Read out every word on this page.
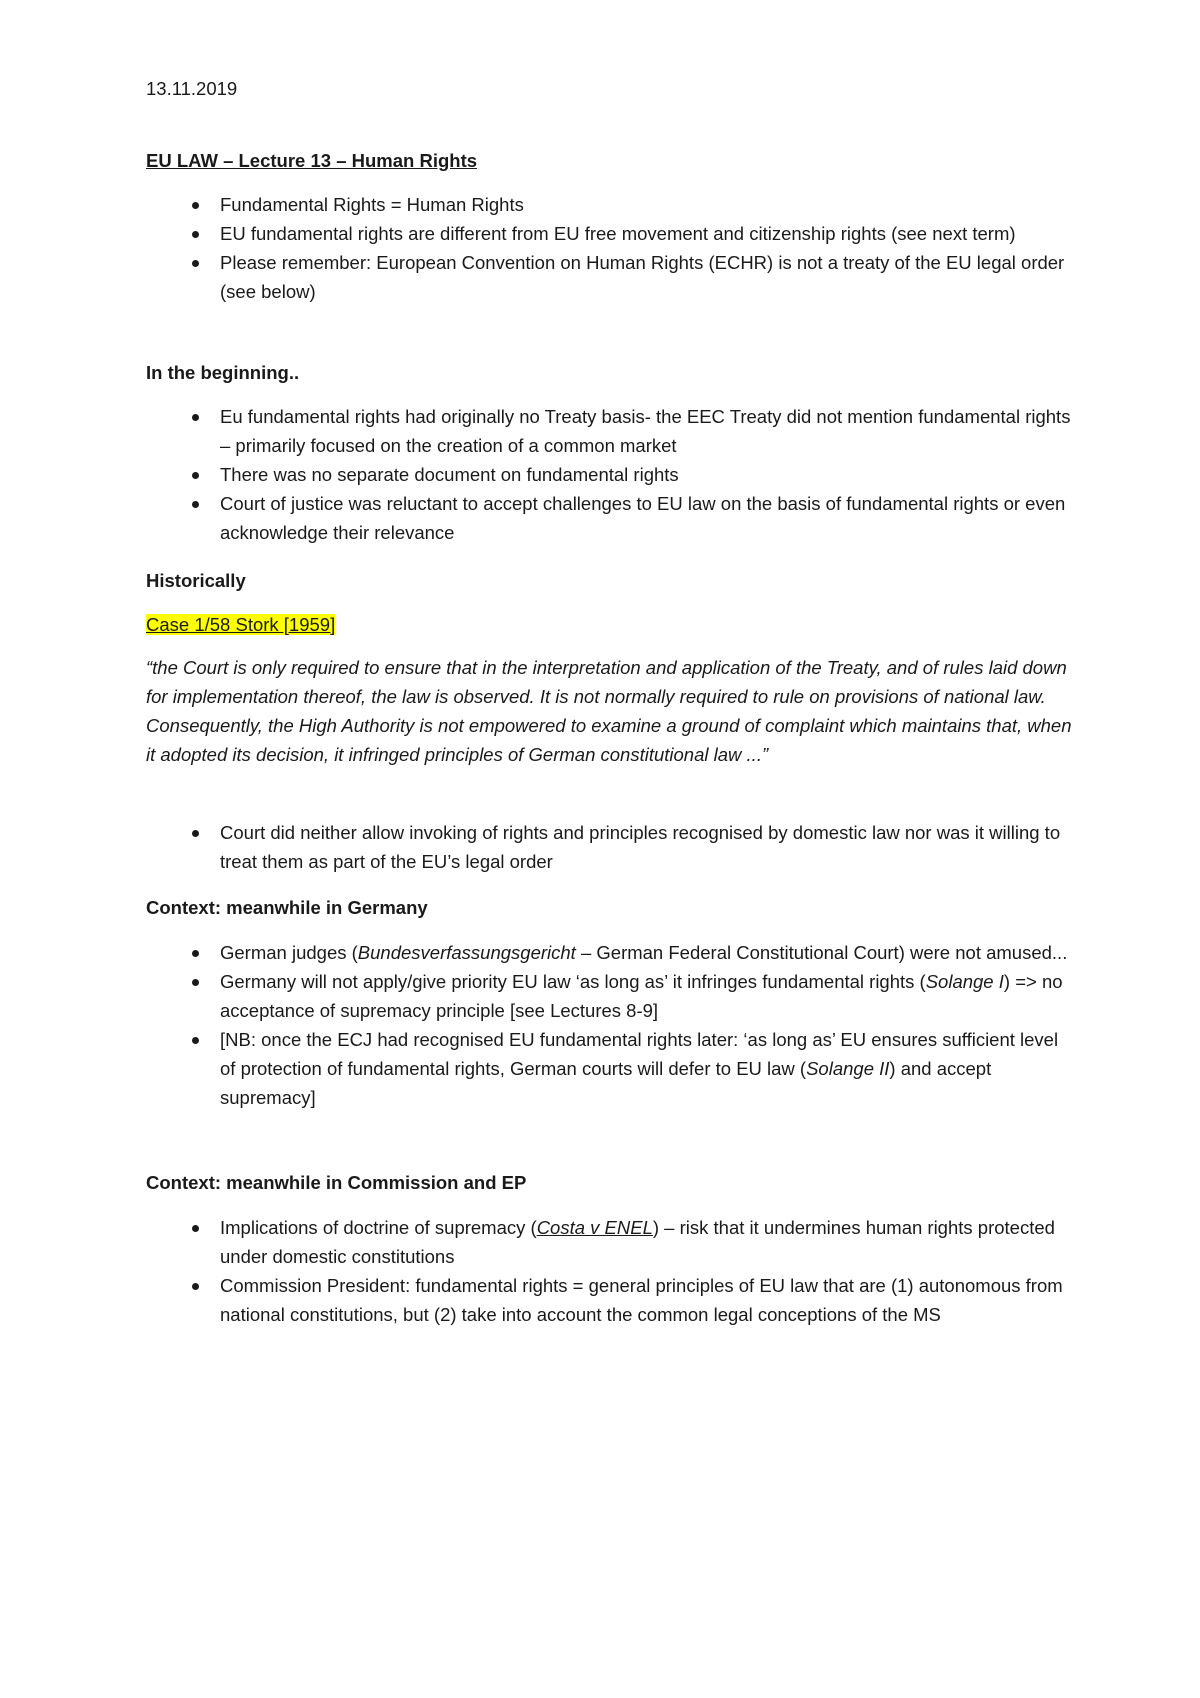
13.11.2019
EU LAW – Lecture 13 – Human Rights
Fundamental Rights = Human Rights
EU fundamental rights are different from EU free movement and citizenship rights (see next term)
Please remember: European Convention on Human Rights (ECHR) is not a treaty of the EU legal order (see below)
In the beginning..
Eu fundamental rights had originally no Treaty basis- the EEC Treaty did not mention fundamental rights – primarily focused on the creation of a common market
There was no separate document on fundamental rights
Court of justice was reluctant to accept challenges to EU law on the basis of fundamental rights or even acknowledge their relevance
Historically
Case 1/58 Stork [1959]
“the Court is only required to ensure that in the interpretation and application of the Treaty, and of rules laid down for implementation thereof, the law is observed. It is not normally required to rule on provisions of national law. Consequently, the High Authority is not empowered to examine a ground of complaint which maintains that, when it adopted its decision, it infringed principles of German constitutional law ...”
Court did neither allow invoking of rights and principles recognised by domestic law nor was it willing to treat them as part of the EU’s legal order
Context: meanwhile in Germany
German judges (Bundesverfassungsgericht – German Federal Constitutional Court) were not amused...
Germany will not apply/give priority EU law ‘as long as’ it infringes fundamental rights (Solange I) => no acceptance of supremacy principle [see Lectures 8-9]
[NB: once the ECJ had recognised EU fundamental rights later: ‘as long as’ EU ensures sufficient level of protection of fundamental rights, German courts will defer to EU law (Solange II) and accept supremacy]
Context: meanwhile in Commission and EP
Implications of doctrine of supremacy (Costa v ENEL) – risk that it undermines human rights protected under domestic constitutions
Commission President: fundamental rights = general principles of EU law that are (1) autonomous from national constitutions, but (2) take into account the common legal conceptions of the MS
